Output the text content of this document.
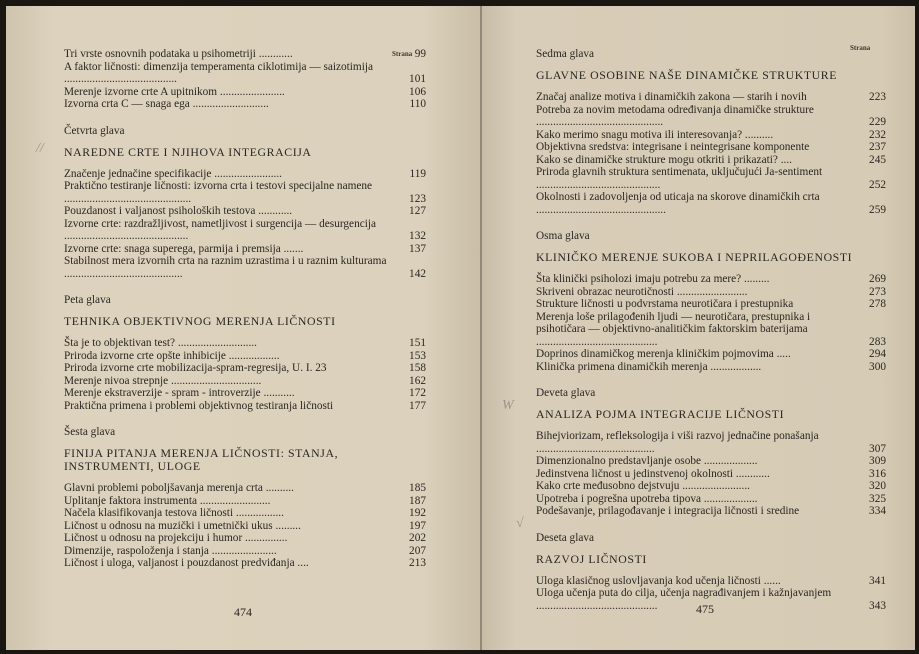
Strana
//
Tri vrste osnovnih podataka u psihometriji ............	99
A faktor ličnosti: dimenzija temperamenta ciklotimija — saizotimija ........................................	101
Merenje izvorne crte A upitnikom .......................	106
Izvorna crta C — snaga ega ...........................	110
Četvrta glava
NAREDNE CRTE I NJIHOVA INTEGRACIJA
Značenje jednačine specifikacije ........................	119
Praktično testiranje ličnosti: izvorna crta i testovi specijalne namene .............................................	123
Pouzdanost i valjanost psiholoških testova ............	127
Izvorne crte: razdražljivost, nametljivost i surgencija — desurgencija ............................................	132
Izvorne crte: snaga superega, parmija i premsija .......	137
Stabilnost mera izvornih crta na raznim uzrastima i u raznim kulturama ..........................................	142
Peta glava
TEHNIKA OBJEKTIVNOG MERENJA LIČNOSTI
Šta je to objektivan test? ............................	151
Priroda izvorne crte opšte inhibicije ..................	153
Priroda izvorne crte mobilizacija-spram-regresija, U. I. 23	158
Merenje nivoa strepnje ................................	162
Merenje ekstraverzije - spram - introverzije ...........	172
Praktična primena i problemi objektivnog testiranja ličnosti	177
Šesta glava
FINIJA PITANJA MERENJA LIČNOSTI: STANJA, INSTRUMENTI, ULOGE
Glavni problemi poboljšavanja merenja crta ..........	185
Uplitanje faktora instrumenta .........................	187
Načela klasifikovanja testova ličnosti .................	192
Ličnost u odnosu na muzički i umetnički ukus .........	197
Ličnost u odnosu na projekciju i humor ...............	202
Dimenzije, raspoloženja i stanja .......................	207
Ličnost i uloga, valjanost i pouzdanost predviđanja ....	213
474
Strana
W
√
Sedma glava
GLAVNE OSOBINE NAŠE DINAMIČKE STRUKTURE
Značaj analize motiva i dinamičkih zakona — starih i novih	223
Potreba za novim metodama određivanja dinamičke strukture .............................................	229
Kako merimo snagu motiva ili interesovanja? ..........	232
Objektivna sredstva: integrisane i neintegrisane komponente	237
Kako se dinamičke strukture mogu otkriti i prikazati? ....	245
Priroda glavnih struktura sentimenata, uključujući Ja-sentiment ............................................	252
Okolnosti i zadovoljenja od uticaja na skorove dinamičkih crta ..............................................	259
Osma glava
KLINIČKO MERENJE SUKOBA I NEPRILAGOĐENOSTI
Šta klinički psiholozi imaju potrebu za mere? .........	269
Skriveni obrazac neurotičnosti .........................	273
Strukture ličnosti u podvrstama neurotičara i prestupnika	278
Merenja loše prilagođenih ljudi — neurotičara, prestupnika i psihotičara — objektivno-analitičkim faktorskim baterijama ...........................................	283
Doprinos dinamičkog merenja kliničkim pojmovima .....	294
Klinička primena dinamičkih merenja ..................	300
Deveta glava
ANALIZA POJMA INTEGRACIJE LIČNOSTI
Bihejviorizam, refleksologija i viši razvoj jednačine ponašanja ..........................................	307
Dimenzionalno predstavljanje osobe ...................	309
Jedinstvena ličnost u jedinstvenoj okolnosti ............	316
Kako crte međusobno dejstvuju ........................	320
Upotreba i pogrešna upotreba tipova ...................	325
Podešavanje, prilagođavanje i integracija ličnosti i sredine	334
Deseta glava
RAZVOJ LIČNOSTI
Uloga klasičnog uslovljavanja kod učenja ličnosti ......	341
Uloga učenja puta do cilja, učenja nagrađivanjem i kažnjavanjem ...........................................	343
475
